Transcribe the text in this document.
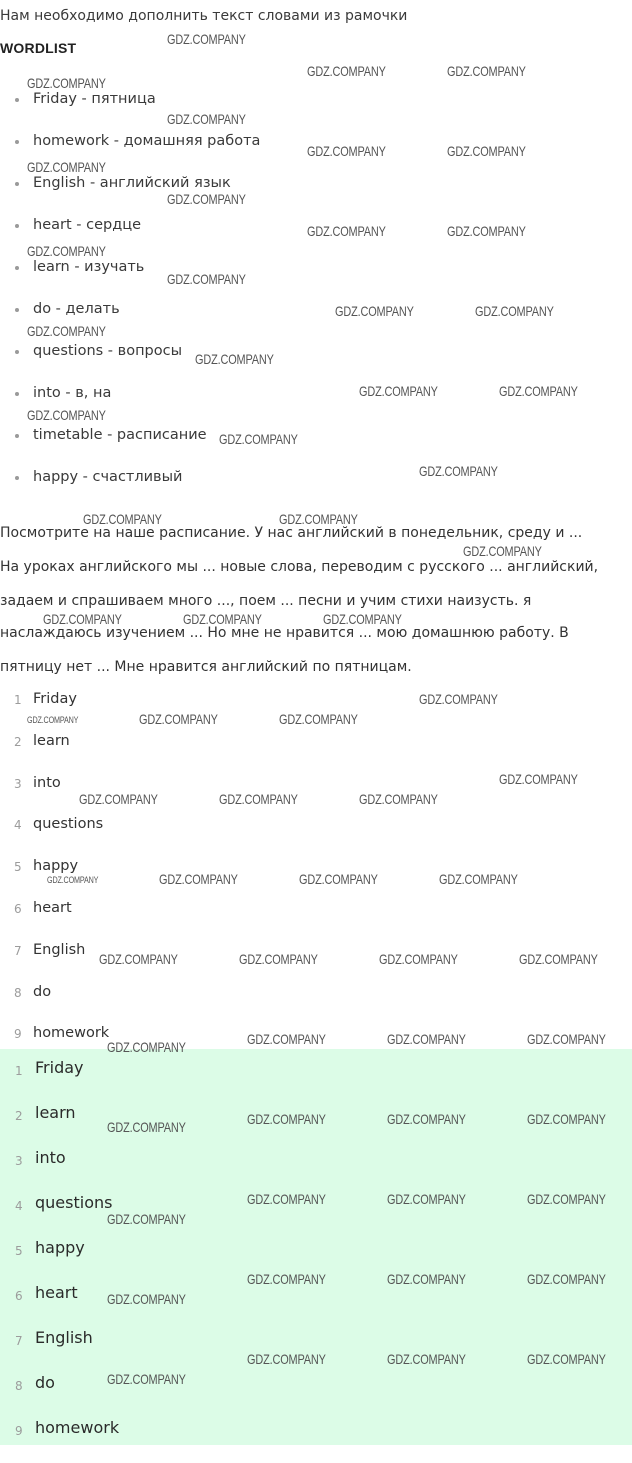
Нам необходимо дополнить текст словами из рамочки
WORDLIST
Friday - пятница
homework - домашняя работа
English - английский язык
heart - сердце
learn - изучать
do - делать
questions - вопросы
into - в, на
timetable - расписание
happy - счастливый
Посмотрите на наше расписание. У нас английский в понедельник, среду и ...
На уроках английского мы ... новые слова, переводим с русского ... английский,
задаем и спрашиваем много ..., поем ... песни и учим стихи наизусть. я
наслаждаюсь изучением ... Но мне не нравится ... мою домашнюю работу. В
пятницу нет ... Мне нравится английский по пятницам.
1 Friday
2 learn
3 into
4 questions
5 happy
6 heart
7 English
8 do
9 homework
1 Friday
2 learn
3 into
4 questions
5 happy
6 heart
7 English
8 do
9 homework
GDZ.COMPANY
GDZ.COMPANY	GDZ.COMPANY
GDZ.COMPANY
GDZ.COMPANY
GDZ.COMPANY	GDZ.COMPANY
GDZ.COMPANY
GDZ.COMPANY
GDZ.COMPANY	GDZ.COMPANY
GDZ.COMPANY
GDZ.COMPANY
GDZ.COMPANY	GDZ.COMPANY
GDZ.COMPANY
GDZ.COMPANY
GDZ.COMPANY	GDZ.COMPANY
GDZ.COMPANY
GDZ.COMPANY
GDZ.COMPANY
GDZ.COMPANY	GDZ.COMPANY
GDZ.COMPANY
GDZ.COMPANY	GDZ.COMPANY	GDZ.COMPANY
GDZ.COMPANY
GDZ.COMPANY	GDZ.COMPANY
GDZ.COMPANY
GDZ.COMPANY	GDZ.COMPANY	GDZ.COMPANY
GDZ.COMPANY	GDZ.COMPANY	GDZ.COMPANY
GDZ.COMPANY	GDZ.COMPANY	GDZ.COMPANY	GDZ.COMPANY
GDZ.COMPANY	GDZ.COMPANY	GDZ.COMPANY
GDZ.COMPANY
GDZ.COMPANY	GDZ.COMPANY	GDZ.COMPANY
GDZ.COMPANY
GDZ.COMPANY	GDZ.COMPANY	GDZ.COMPANY
GDZ.COMPANY
GDZ.COMPANY	GDZ.COMPANY	GDZ.COMPANY
GDZ.COMPANY
GDZ.COMPANY	GDZ.COMPANY	GDZ.COMPANY
GDZ.COMPANY
GDZ.COMPANY
GDZ.COMPANY
